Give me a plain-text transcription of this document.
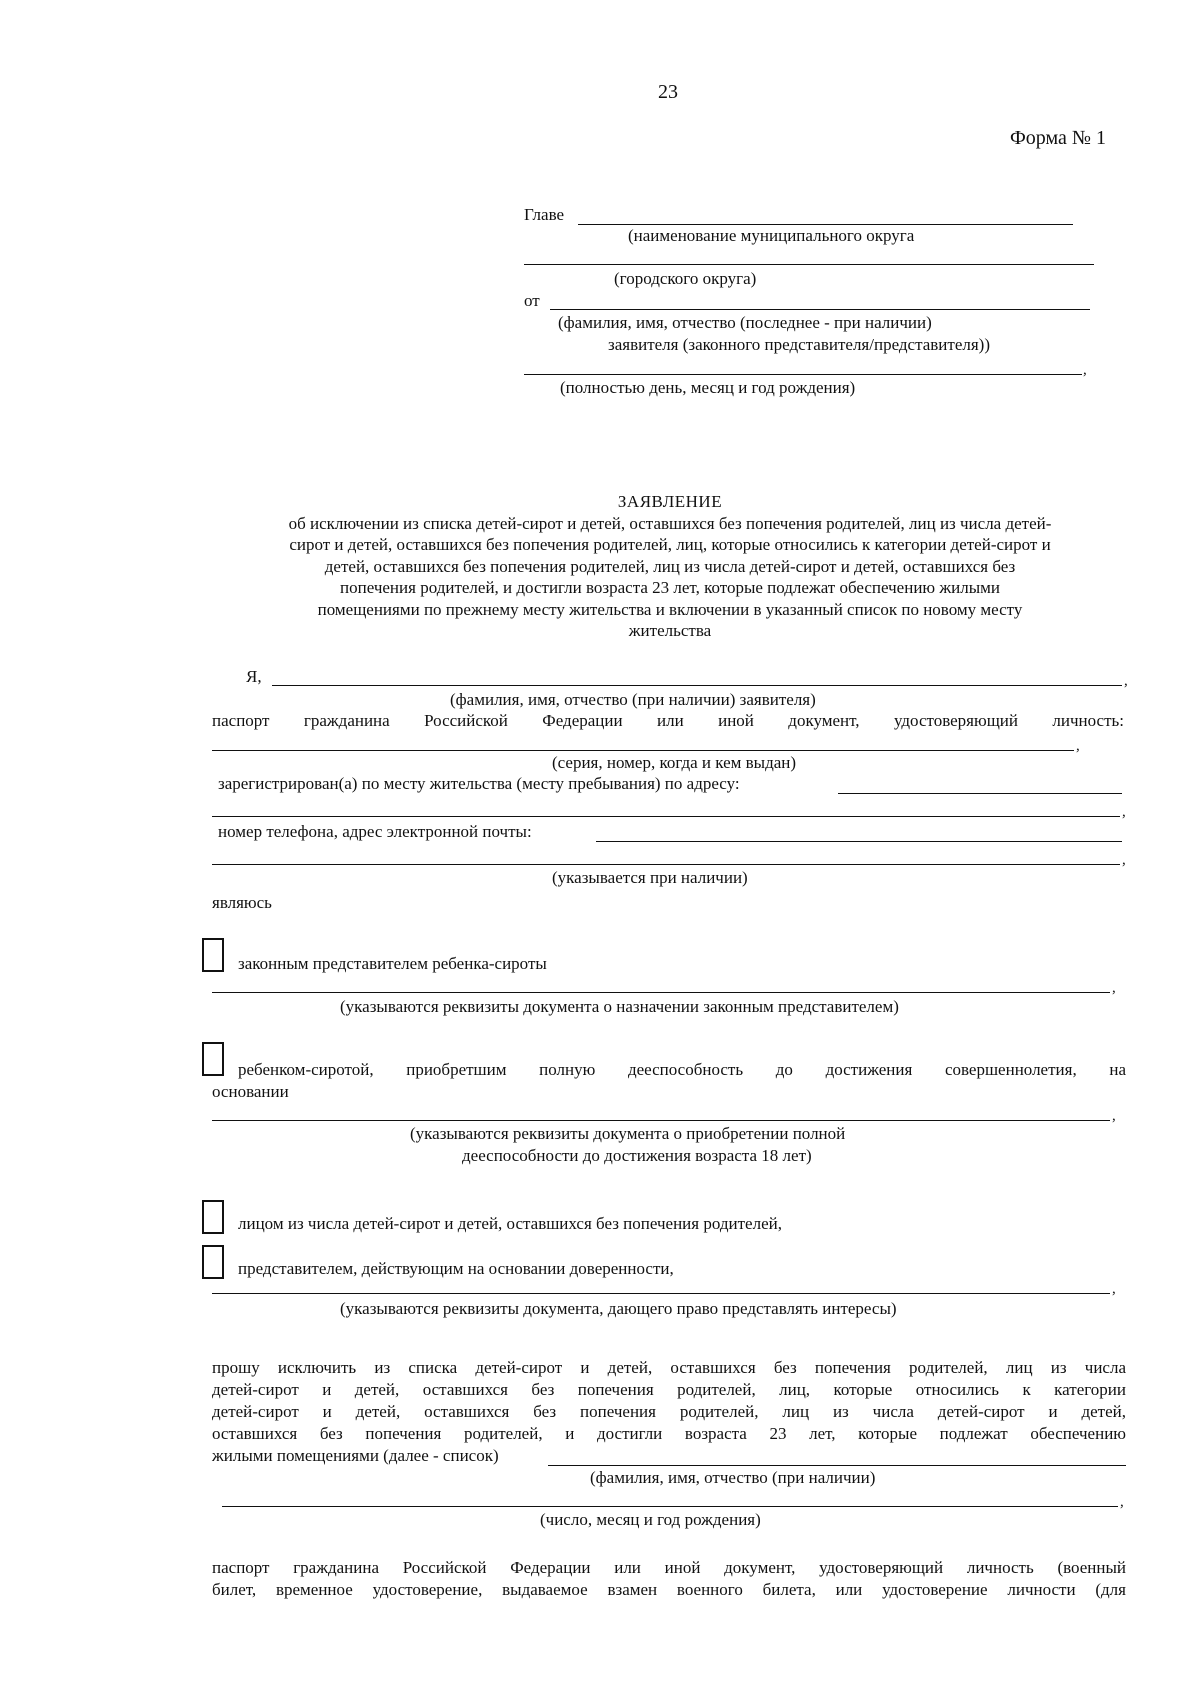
23
Форма № 1
Главе
(наименование муниципального округа
(городского округа)
от
(фамилия, имя, отчество (последнее - при наличии)
заявителя (законного представителя/представителя))
,
(полностью день, месяц и год рождения)
ЗАЯВЛЕНИЕ
об исключении из списка детей-сирот и детей, оставшихся без попечения родителей, лиц из числа детей-
сирот и детей, оставшихся без попечения родителей, лиц, которые относились к категории детей-сирот и
детей, оставшихся без попечения родителей, лиц из числа детей-сирот и детей, оставшихся без
попечения родителей, и достигли возраста 23 лет, которые подлежат обеспечению жилыми
помещениями по прежнему месту жительства и включении в указанный список по новому месту
жительства
Я,	,
(фамилия, имя, отчество (при наличии) заявителя)
паспорт гражданина Российской Федерации или иной документ, удостоверяющий личность:
,
(серия, номер, когда и кем выдан)
зарегистрирован(а) по месту жительства (месту пребывания) по адресу:
,
номер телефона, адрес электронной почты:
,
(указывается при наличии)
являюсь
законным представителем ребенка-сироты
,
(указываются реквизиты документа о назначении законным представителем)
ребенком-сиротой, приобретшим полную дееспособность до достижения совершеннолетия, на
основании
,
(указываются реквизиты документа о приобретении полной
дееспособности до достижения возраста 18 лет)
лицом из числа детей-сирот и детей, оставшихся без попечения родителей,
представителем, действующим на основании доверенности,
,
(указываются реквизиты документа, дающего право представлять интересы)
прошу исключить из списка детей-сирот и детей, оставшихся без попечения родителей, лиц из числа
детей-сирот и детей, оставшихся без попечения родителей, лиц, которые относились к категории
детей-сирот и детей, оставшихся без попечения родителей, лиц из числа детей-сирот и детей,
оставшихся без попечения родителей, и достигли возраста 23 лет, которые подлежат обеспечению
жилыми помещениями (далее - список)
(фамилия, имя, отчество (при наличии)
,
(число, месяц и год рождения)
паспорт гражданина Российской Федерации или иной документ, удостоверяющий личность (военный
билет, временное удостоверение, выдаваемое взамен военного билета, или удостоверение личности (для
